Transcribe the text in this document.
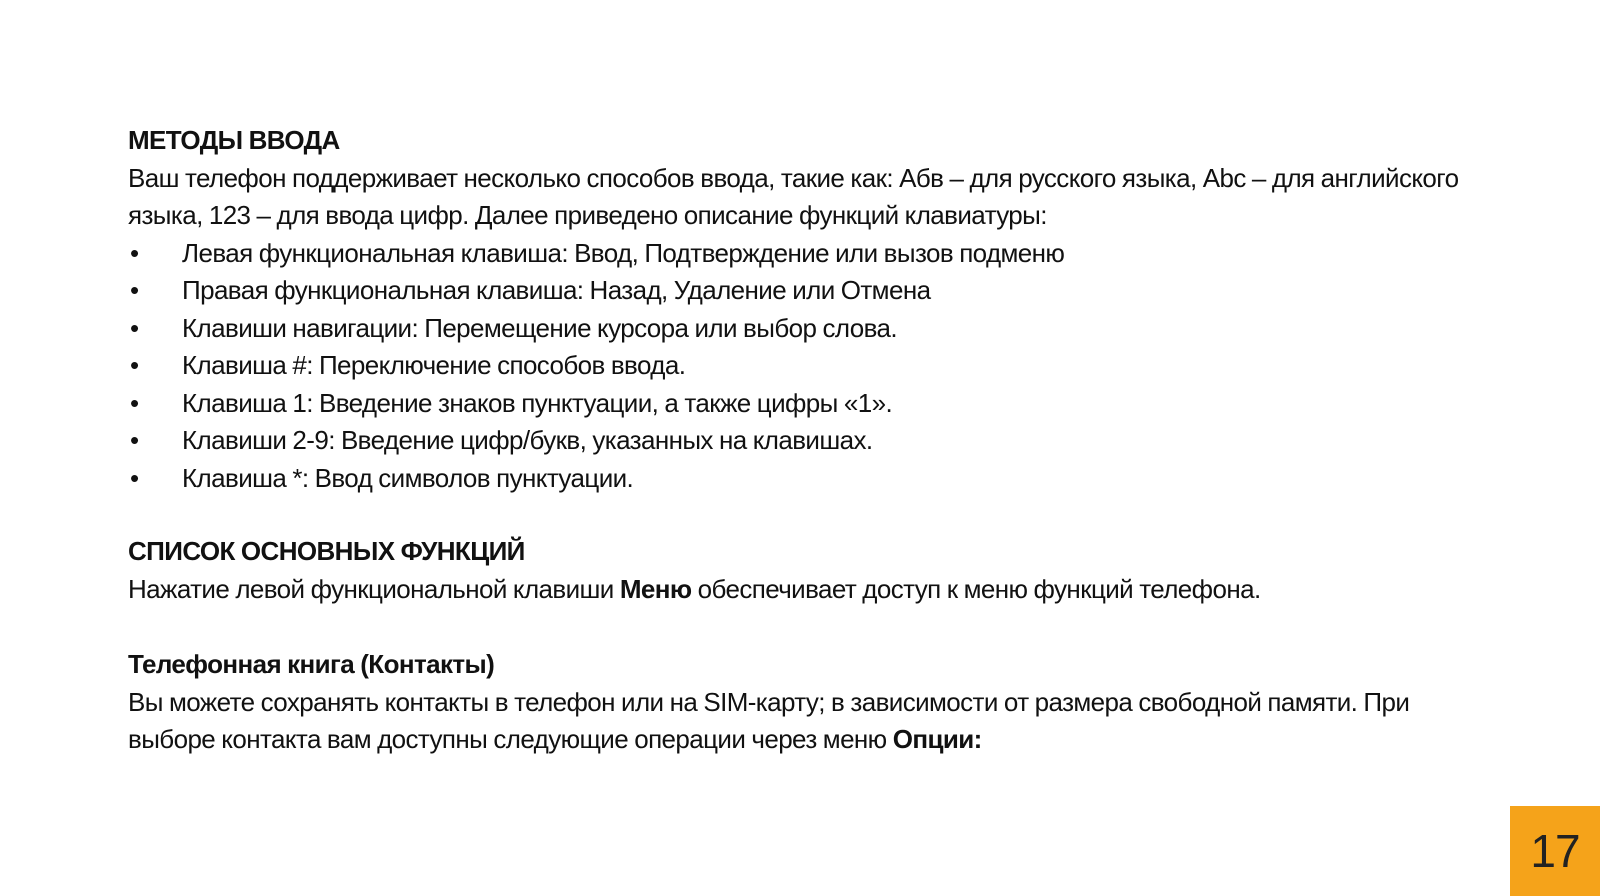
МЕТОДЫ ВВОДА

Ваш телефон поддерживает несколько способов ввода, такие как: Абв – для русского языка, Abc – для английского языка, 123 – для ввода цифр. Далее приведено описание функций клавиатуры:

• Левая функциональная клавиша: Ввод, Подтверждение или вызов подменю
• Правая функциональная клавиша: Назад, Удаление или Отмена
• Клавиши навигации: Перемещение курсора или выбор слова.
• Клавиша #: Переключение способов ввода.
• Клавиша 1: Введение знаков пунктуации, а также цифры «1».
• Клавиши 2-9: Введение цифр/букв, указанных на клавишах.
• Клавиша *: Ввод символов пунктуации.
СПИСОК ОСНОВНЫХ ФУНКЦИЙ

Нажатие левой функциональной клавиши Меню обеспечивает доступ к меню функций телефона.

Телефонная книга (Контакты)

Вы можете сохранять контакты в телефон или на SIM-карту; в зависимости от размера свободной памяти. При выборе контакта вам доступны следующие операции через меню Опции:

17
